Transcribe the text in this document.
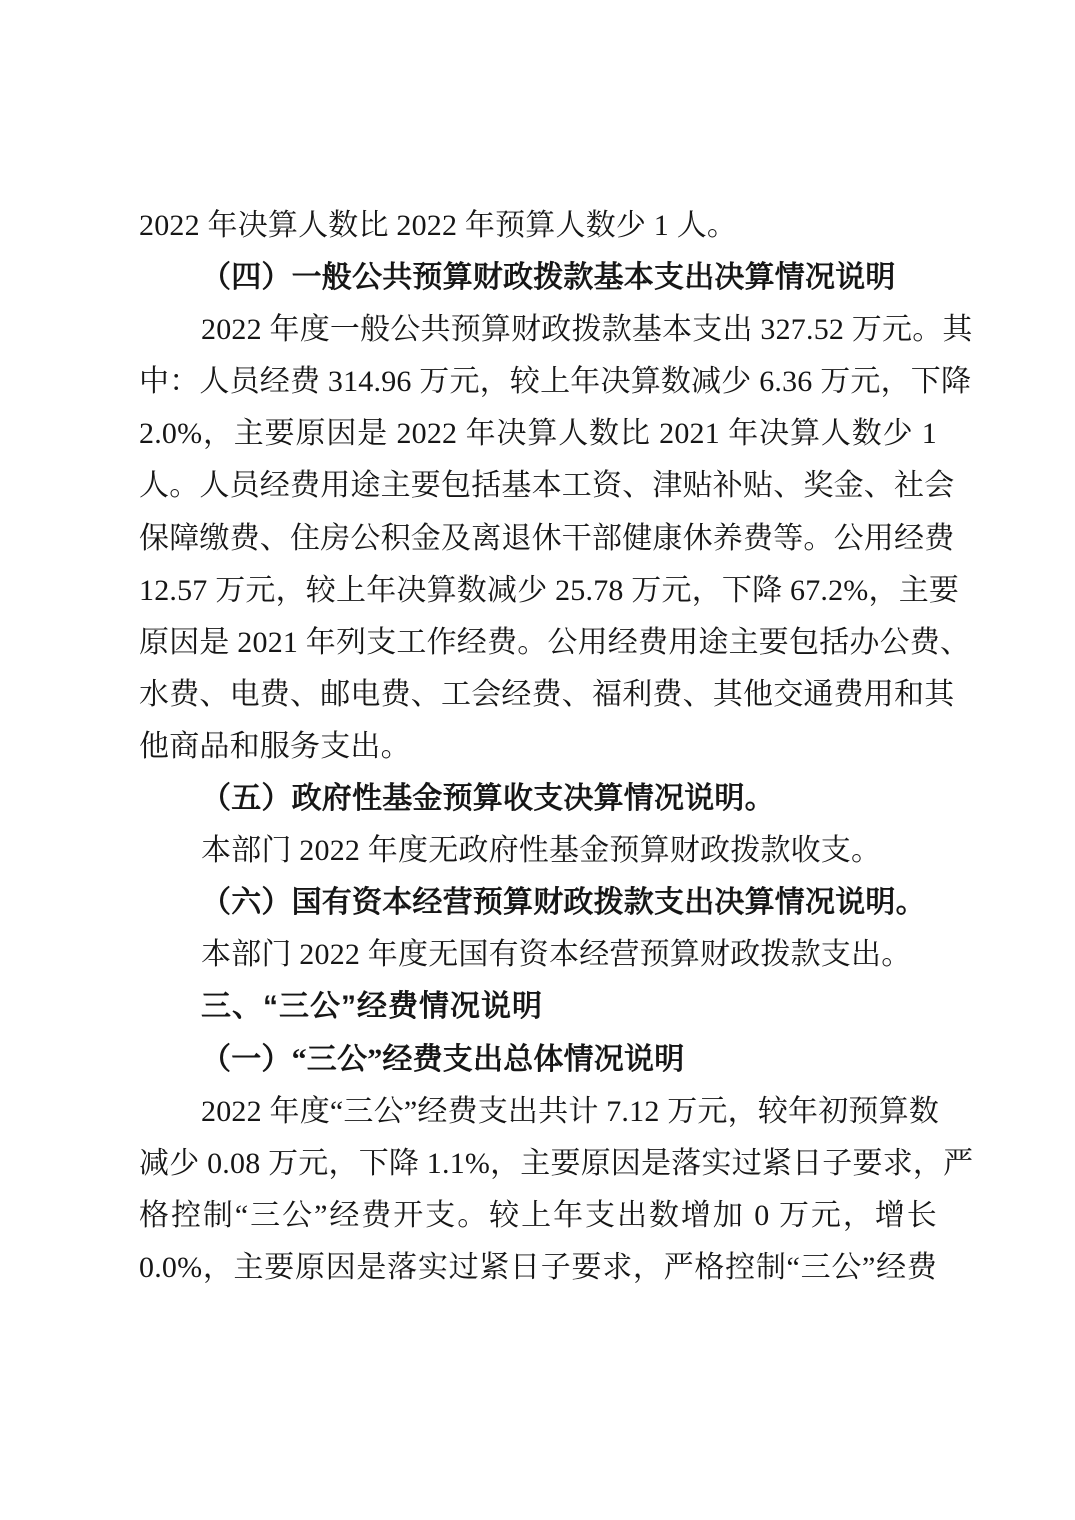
2022 年决算人数比 2022 年预算人数少 1 人。
（四）一般公共预算财政拨款基本支出决算情况说明
2022 年度一般公共预算财政拨款基本支出 327.52 万元。其
中：人员经费 314.96 万元，较上年决算数减少 6.36 万元，下降
2.0%，主要原因是 2022 年决算人数比 2021 年决算人数少 1
人。人员经费用途主要包括基本工资、津贴补贴、奖金、社会
保障缴费、住房公积金及离退休干部健康休养费等。公用经费
12.57 万元，较上年决算数减少 25.78 万元，下降 67.2%，主要
原因是 2021 年列支工作经费。公用经费用途主要包括办公费、
水费、电费、邮电费、工会经费、福利费、其他交通费用和其
他商品和服务支出。
（五）政府性基金预算收支决算情况说明。
本部门 2022 年度无政府性基金预算财政拨款收支。
（六）国有资本经营预算财政拨款支出决算情况说明。
本部门 2022 年度无国有资本经营预算财政拨款支出。
三、“三公”经费情况说明
（一）“三公”经费支出总体情况说明
2022 年度“三公”经费支出共计 7.12 万元，较年初预算数
减少 0.08 万元，下降 1.1%，主要原因是落实过紧日子要求，严
格控制“三公”经费开支。较上年支出数增加 0 万元，增长
0.0%，主要原因是落实过紧日子要求，严格控制“三公”经费
